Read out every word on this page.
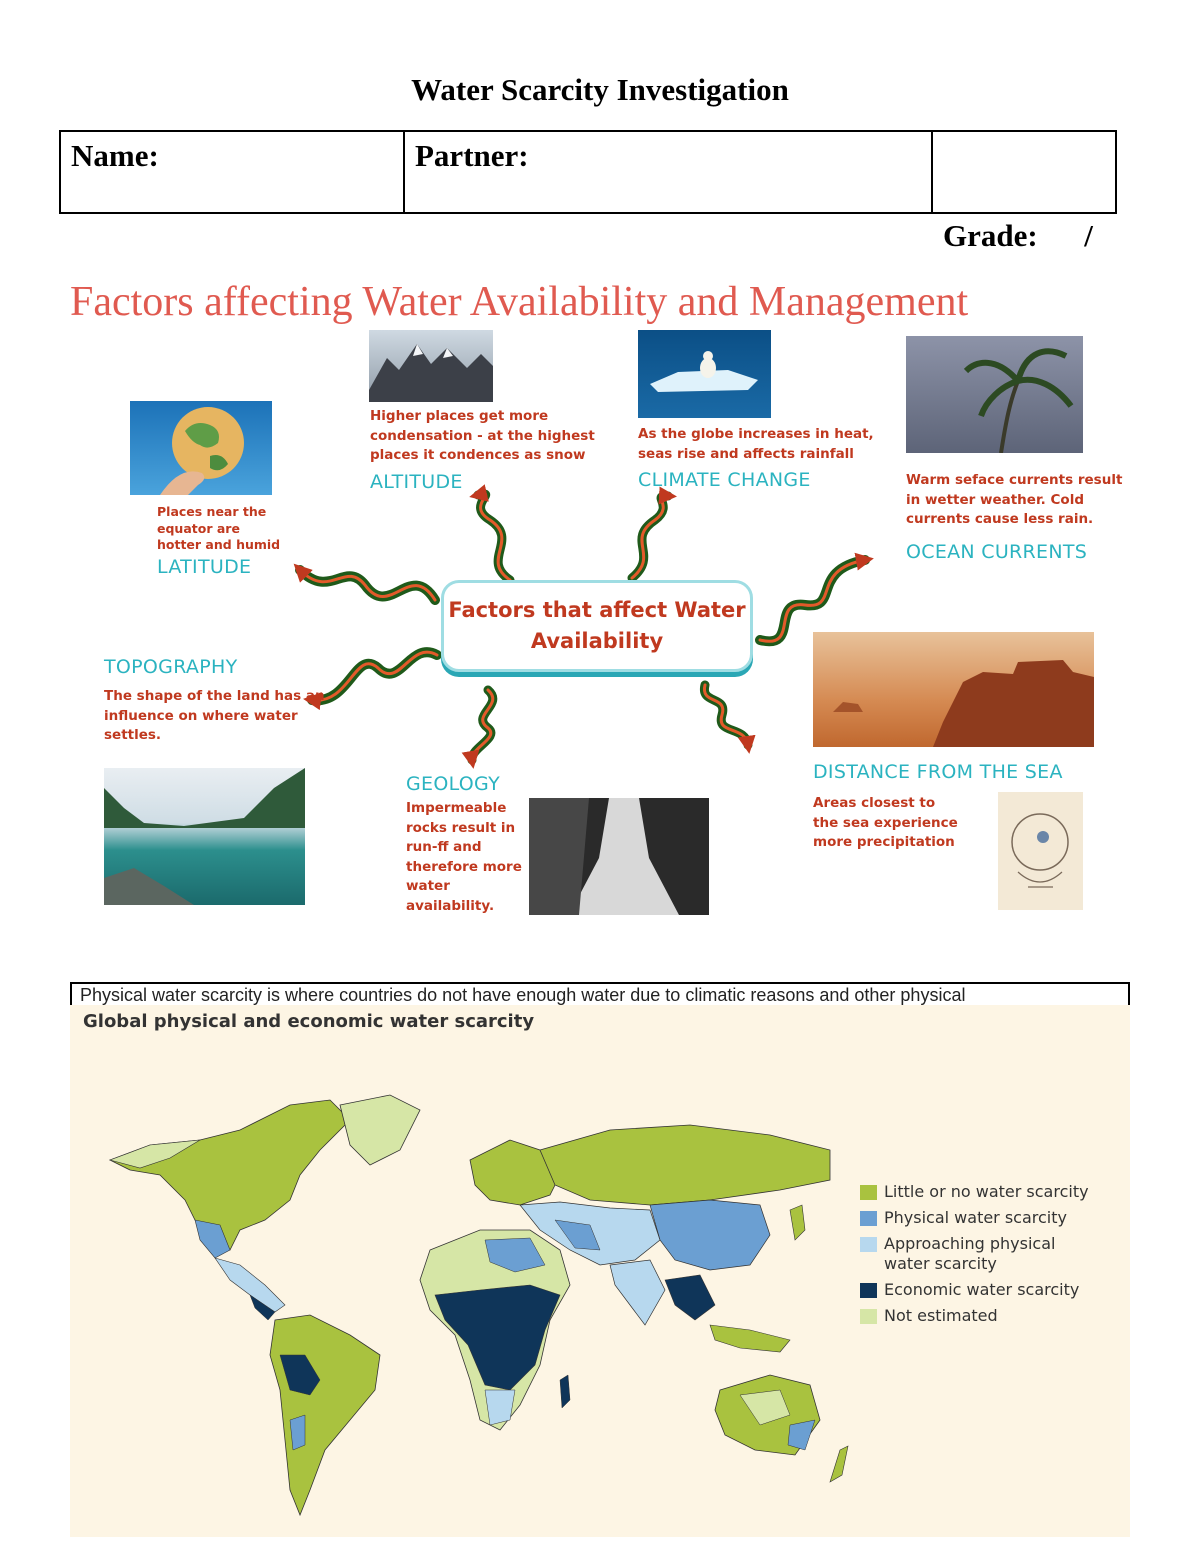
Water Scarcity Investigation
Name:	Partner:

Grade:      /

Factors affecting Water Availability and Management
Factors that affect Water
Availability
Places near the
equator are
hotter and humid
LATITUDE
Higher places get more
condensation - at the highest
places it condences as snow
ALTITUDE
As the globe increases in heat,
seas rise and affects rainfall
CLIMATE CHANGE	Warm seface currents result
in wetter weather. Cold
currents cause less rain.
OCEAN CURRENTS
TOPOGRAPHY
The shape of the land has an
influence on where water
settles.
GEOLOGY
Impermeable
rocks result in
run-ff and
therefore more
water
availability.
DISTANCE FROM THE SEA
Areas closest to
the sea experience
more precipitation
Physical water scarcity is where countries do not have enough water due to climatic reasons and other physical
Global physical and economic water scarcity
Little or no water scarcity
Physical water scarcity
Approaching physical water scarcity
Economic water scarcity
Not estimated
